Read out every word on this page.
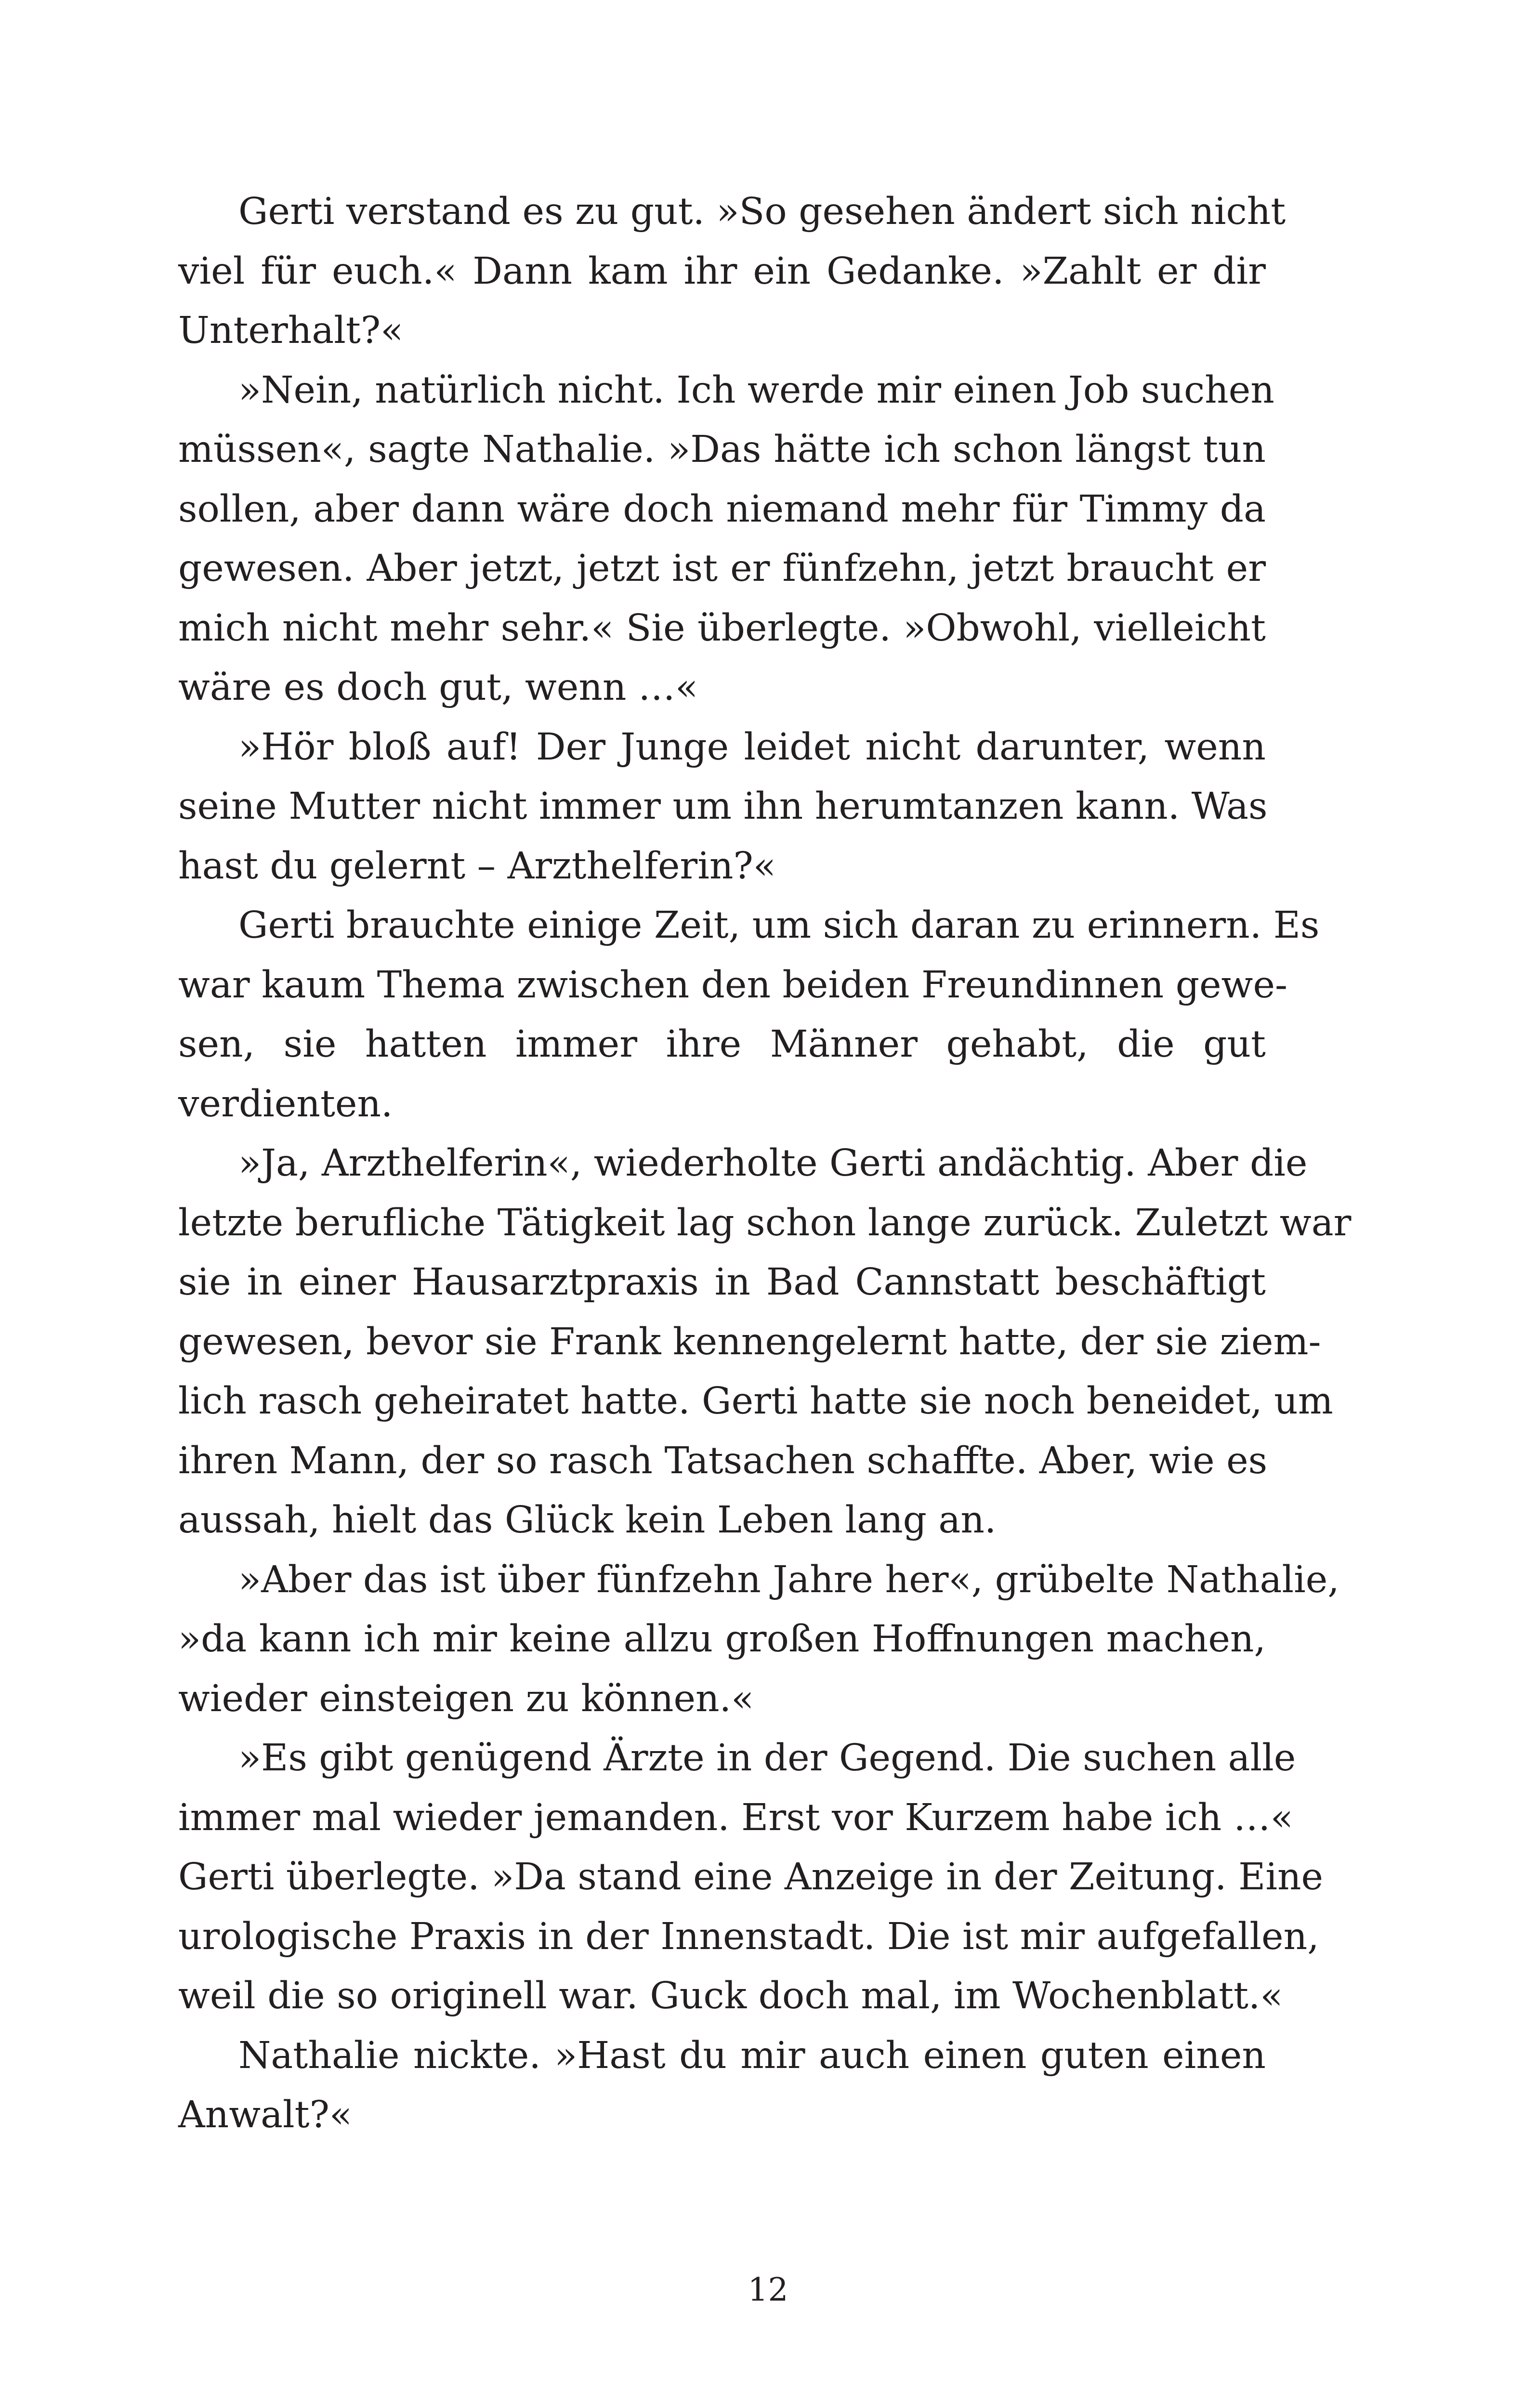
Gerti verstand es zu gut. »So gesehen ändert sich nicht
viel für euch.« Dann kam ihr ein Gedanke. »Zahlt er dir
Unterhalt?«
»Nein, natürlich nicht. Ich werde mir einen Job suchen
müssen«, sagte Nathalie. »Das hätte ich schon längst tun
sollen, aber dann wäre doch niemand mehr für Timmy da
gewesen. Aber jetzt, jetzt ist er fünfzehn, jetzt braucht er
mich nicht mehr sehr.« Sie überlegte. »Obwohl, vielleicht
wäre es doch gut, wenn …«
»Hör bloß auf! Der Junge leidet nicht darunter, wenn
seine Mutter nicht immer um ihn herumtanzen kann. Was
hast du gelernt – Arzthelferin?«
Gerti brauchte einige Zeit, um sich daran zu erinnern. Es
war kaum Thema zwischen den beiden Freundinnen gewe-
sen, sie hatten immer ihre Männer gehabt, die gut
verdienten.
»Ja, Arzthelferin«, wiederholte Gerti andächtig. Aber die
letzte berufliche Tätigkeit lag schon lange zurück. Zuletzt war
sie in einer Hausarztpraxis in Bad Cannstatt beschäftigt
gewesen, bevor sie Frank kennengelernt hatte, der sie ziem-
lich rasch geheiratet hatte. Gerti hatte sie noch beneidet, um
ihren Mann, der so rasch Tatsachen schaffte. Aber, wie es
aussah, hielt das Glück kein Leben lang an.
»Aber das ist über fünfzehn Jahre her«, grübelte Nathalie,
»da kann ich mir keine allzu großen Hoffnungen machen,
wieder einsteigen zu können.«
»Es gibt genügend Ärzte in der Gegend. Die suchen alle
immer mal wieder jemanden. Erst vor Kurzem habe ich …«
Gerti überlegte. »Da stand eine Anzeige in der Zeitung. Eine
urologische Praxis in der Innenstadt. Die ist mir aufgefallen,
weil die so originell war. Guck doch mal, im Wochenblatt.«
Nathalie nickte. »Hast du mir auch einen guten einen
Anwalt?«
12
